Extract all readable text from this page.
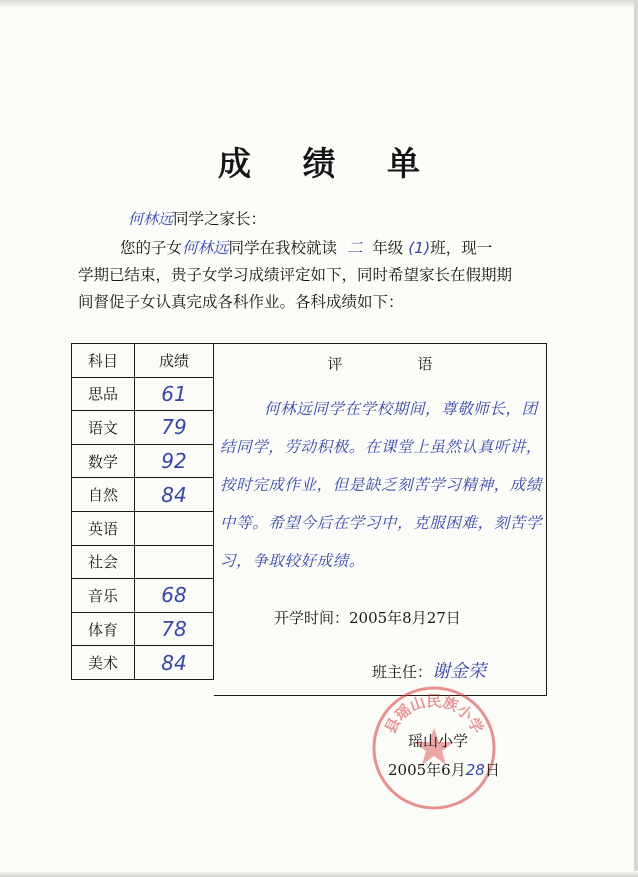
成 绩 单
何林远同学之家长：
您的子女何林远同学在我校就读 二 年级 (1)班，现一
学期已结束，贵子女学习成绩评定如下，同时希望家长在假期期
间督促子女认真完成各科作业。各科成绩如下：
科目	成绩
思品	61
语文	79
数学	92
自然	84
英语	
社会	
音乐	68
体育	78
美术	84
评　语
何林远同学在学校期间，尊敬师长，团结同学，劳动积极。在课堂上虽然认真听讲，按时完成作业，但是缺乏刻苦学习精神，成绩中等。希望今后在学习中，克服困难，刻苦学习，争取较好成绩。
开学时间：2005年8月27日
班主任：谢金荣
县瑶山民族小学
瑶山小学
2005年6月28日
